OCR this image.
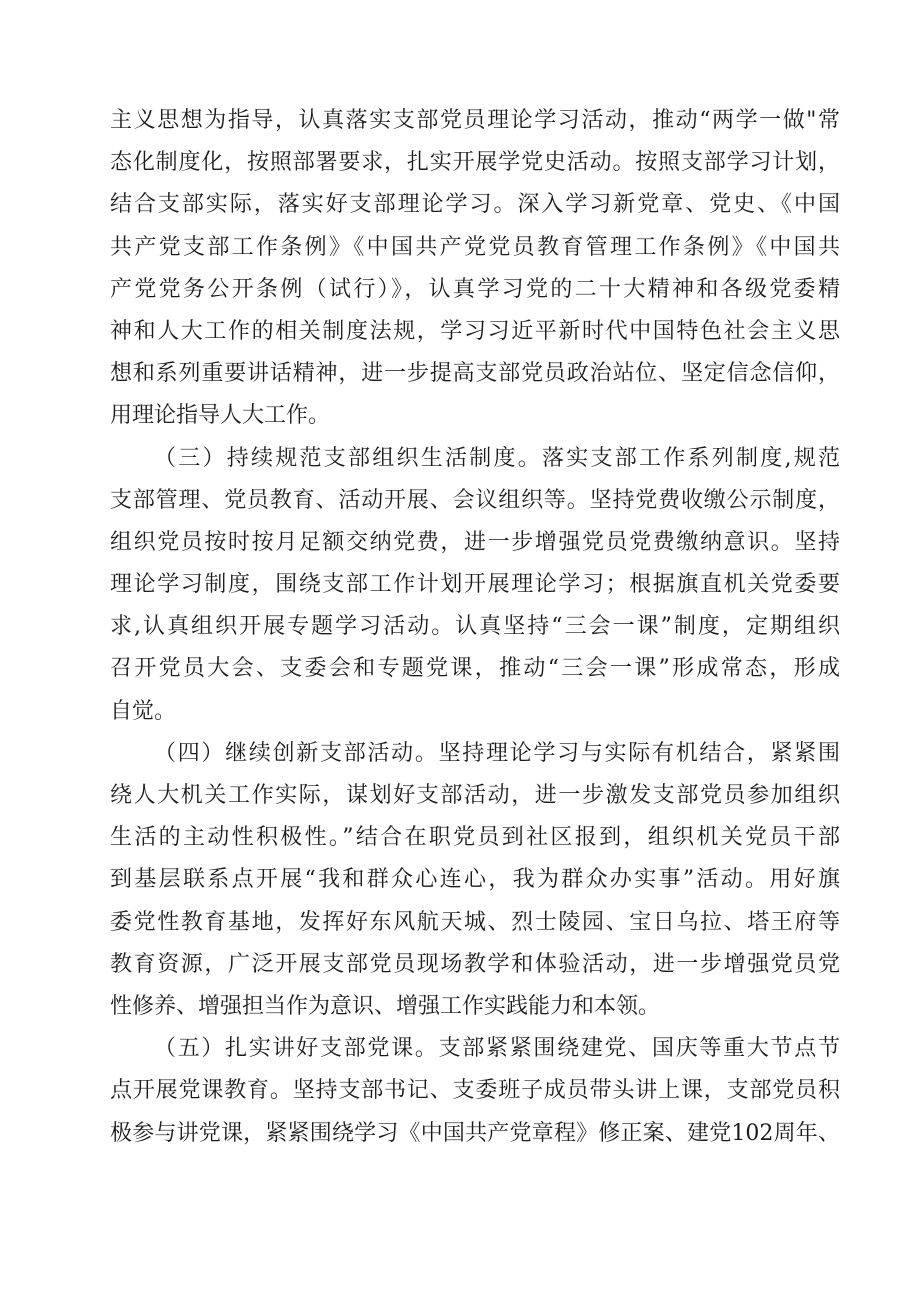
主义思想为指导，认真落实支部党员理论学习活动，推动“两学一做"常
态化制度化，按照部署要求，扎实开展学党史活动。按照支部学习计划，
结合支部实际，落实好支部理论学习。深入学习新党章、党史、《中国
共产党支部工作条例》《中国共产党党员教育管理工作条例》《中国共
产党党务公开条例（试行）》，认真学习党的二十大精神和各级党委精
神和人大工作的相关制度法规，学习习近平新时代中国特色社会主义思
想和系列重要讲话精神，进一步提高支部党员政治站位、坚定信念信仰，
用理论指导人大工作。
（三）持续规范支部组织生活制度。落实支部工作系列制度,规范
支部管理、党员教育、活动开展、会议组织等。坚持党费收缴公示制度，
组织党员按时按月足额交纳党费，进一步增强党员党费缴纳意识。坚持
理论学习制度，围绕支部工作计划开展理论学习；根据旗直机关党委要
求,认真组织开展专题学习活动。认真坚持“三会一课”制度，定期组织
召开党员大会、支委会和专题党课，推动“三会一课”形成常态，形成
自觉。
（四）继续创新支部活动。坚持理论学习与实际有机结合，紧紧围
绕人大机关工作实际，谋划好支部活动，进一步激发支部党员参加组织
生活的主动性积极性。”结合在职党员到社区报到，组织机关党员干部
到基层联系点开展“我和群众心连心，我为群众办实事”活动。用好旗
委党性教育基地，发挥好东风航天城、烈士陵园、宝日乌拉、塔王府等
教育资源，广泛开展支部党员现场教学和体验活动，进一步增强党员党
性修养、增强担当作为意识、增强工作实践能力和本领。
（五）扎实讲好支部党课。支部紧紧围绕建党、国庆等重大节点节
点开展党课教育。坚持支部书记、支委班子成员带头讲上课，支部党员积
极参与讲党课，紧紧围绕学习《中国共产党章程》修正案、建党102周年、
